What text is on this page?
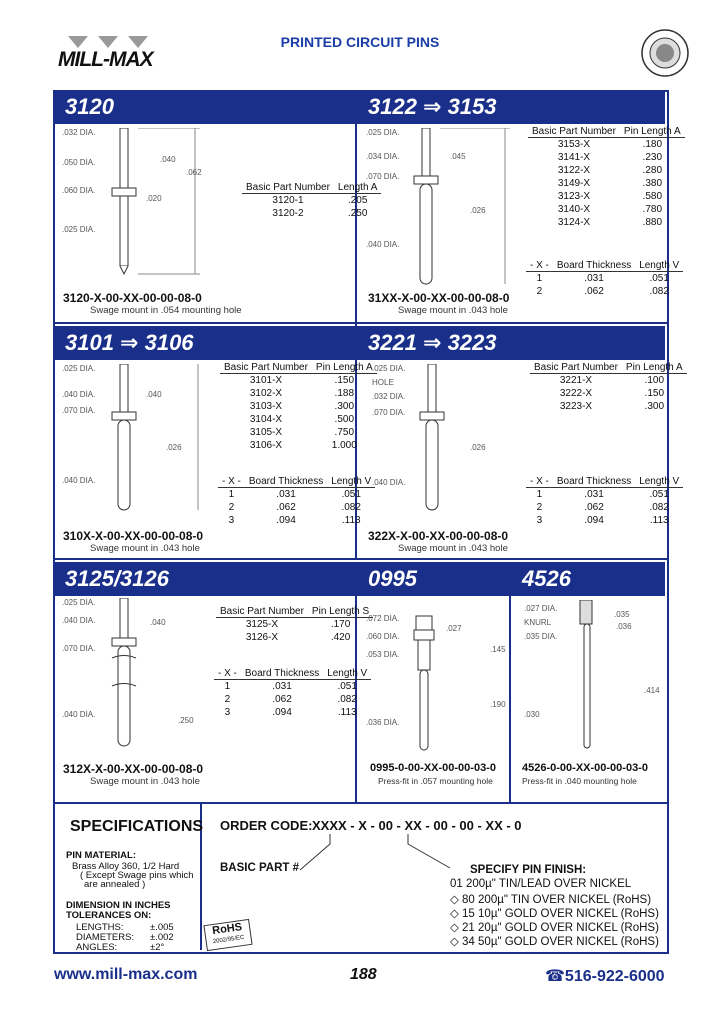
MILL-MAX
PRINTED CIRCUIT PINS
3120	3122 ⇒ 3153
3101 ⇒ 3106	3221 ⇒ 3223
3125/3126	0995	4526
.032 DIA.
.050 DIA.
.060 DIA.
.025 DIA.
.040
.062
.020
Basic Part Number	Length A
3120-1	.205
3120-2	.250
3120-X-00-XX-00-00-08-0
Swage mount in .054 mounting hole
.025 DIA.
.034 DIA.
.070 DIA.
.040 DIA.
.045
.026
Basic Part Number	Pin Length A
3153-X	.180
3141-X	.230
3122-X	.280
3149-X	.380
3123-X	.580
3140-X	.780
3124-X	.880
- X -	Board Thickness	Length V
1	.031	.051
2	.062	.082
31XX-X-00-XX-00-00-08-0
Swage mount in .043 hole
.025 DIA.
.040 DIA.
.070 DIA.
.040 DIA.
.040
.026
Basic Part Number	Pin Length A
3101-X	.150
3102-X	.188
3103-X	.300
3104-X	.500
3105-X	.750
3106-X	1.000
- X -	Board Thickness	Length V
1	.031	.051
2	.062	.082
3	.094	.113
310X-X-00-XX-00-00-08-0
Swage mount in .043 hole
.025 DIA.
HOLE
.032 DIA.
.070 DIA.
.040 DIA.
.026
Basic Part Number	Pin Length A
3221-X	.100
3222-X	.150
3223-X	.300
- X -	Board Thickness	Length V
1	.031	.051
2	.062	.082
3	.094	.113
322X-X-00-XX-00-00-08-0
Swage mount in .043 hole
.025 DIA.
.040 DIA.
.070 DIA.
.040 DIA.
.040
.250
Basic Part Number	Pin Length S
3125-X	.170
3126-X	.420
- X -	Board Thickness	Length V
1	.031	.051
2	.062	.082
3	.094	.113
312X-X-00-XX-00-00-08-0
Swage mount in .043 hole
.072 DIA.
.060 DIA.
.053 DIA.
.036 DIA.
.027
.145
.190
0995-0-00-XX-00-00-03-0
Press-fit in .057 mounting hole
.035
.027 DIA.
.035 DIA.
.036
.030
.414
KNURL
4526-0-00-XX-00-00-03-0
Press-fit in .040 mounting hole
SPECIFICATIONS
PIN MATERIAL:
Brass Alloy 360, 1/2 Hard
( Except Swage pins which
are annealed )
DIMENSION IN INCHES
TOLERANCES ON:
LENGTHS:	±.005
DIAMETERS: ±.002
ANGLES:	±2°
RoHS
2002/95/EC
ORDER CODE: XXXX - X - 00 - XX - 00 - 00 - XX - 0
BASIC PART #	SPECIFY PIN FINISH:
01 200µ" TIN/LEAD OVER NICKEL
◇ 80 200µ" TIN OVER NICKEL (RoHS)
◇ 15 10µ" GOLD OVER NICKEL (RoHS)
◇ 21 20µ" GOLD OVER NICKEL (RoHS)
◇ 34 50µ" GOLD OVER NICKEL (RoHS)
www.mill-max.com	188	☎516-922-6000
